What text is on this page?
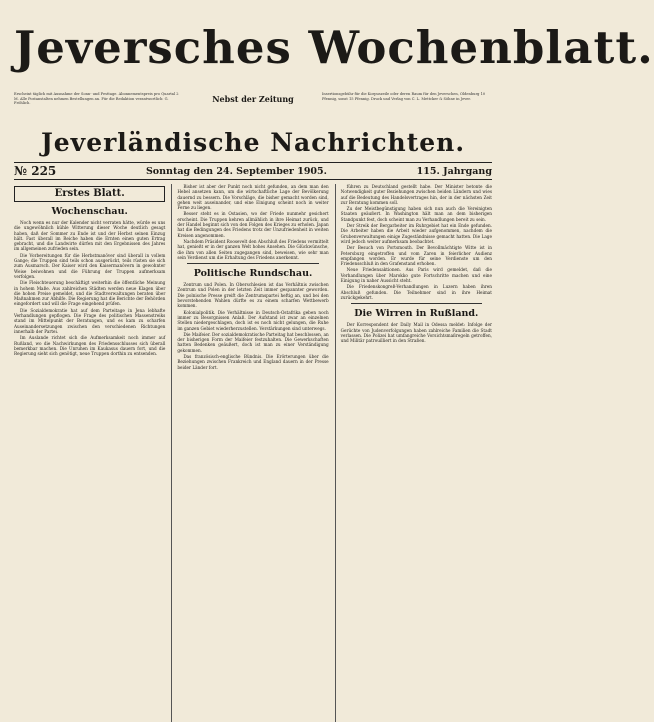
Jeversches Wochenblatt.
Erscheint täglich mit Ausnahme der Sonn- und Festtage. Abonnementspreis pro Quartal 2 M. Alle Postanstalten nehmen Bestellungen an. Für die Redaktion verantwortlich: G. Fröhlich.	Nebst der Zeitung	Insertionsgebühr für die Korpuszeile oder deren Raum für den Jeverschen, Oldenburg 10 Pfennig, sonst 15 Pfennig. Druck und Verlag von C. L. Mettcker & Söhne in Jever.
Jeverländische Nachrichten.
№ 225	Sonntag den 24. September 1905.	115. Jahrgang
Erstes Blatt.
Wochenschau.

Noch wenn es nur der Kalender nicht verraten hätte, würde es uns die ungewöhnlich kühle Witterung dieser Woche deutlich gesagt haben, daß der Sommer zu Ende ist und der Herbst seinen Einzug hält. Fast überall im Reiche haben die Ernten einen guten Ertrag gebracht, und die Landwirte dürfen mit den Ergebnissen des Jahres im allgemeinen zufrieden sein.

Die Vorbereitungen für die Herbstmanöver sind überall in vollem Gange; die Truppen sind teils schon ausgerückt, teils rüsten sie sich zum Ausmarsch. Der Kaiser wird den Kaisermanövern in gewohnter Weise beiwohnen und die Führung der Truppen aufmerksam verfolgen.

Die Fleischteuerung beschäftigt weiterhin die öffentliche Meinung in hohem Maße. Aus zahlreichen Städten werden neue Klagen über die hohen Preise gemeldet, und die Stadtverwaltungen beraten über Maßnahmen zur Abhilfe. Die Regierung hat die Berichte der Behörden eingefordert und will die Frage eingehend prüfen.

Die Sozialdemokratie hat auf dem Parteitage in Jena lebhafte Verhandlungen gepflogen. Die Frage des politischen Massenstreiks stand im Mittelpunkt der Beratungen, und es kam zu scharfen Auseinandersetzungen zwischen den verschiedenen Richtungen innerhalb der Partei.

Im Auslande richtet sich die Aufmerksamkeit noch immer auf Rußland, wo die Nachwirkungen des Friedensschlusses sich überall bemerkbar machen. Die Unruhen im Kaukasus dauern fort, und die Regierung sieht sich genötigt, neue Truppen dorthin zu entsenden.

Bisher ist aber der Punkt noch nicht gefunden, an dem man den Hebel ansetzen kann, um die wirtschaftliche Lage der Bevölkerung dauernd zu bessern. Die Vorschläge, die bisher gemacht worden sind, gehen weit auseinander, und eine Einigung scheint noch in weiter Ferne zu liegen.

Besser steht es in Ostasien, wo der Friede nunmehr gesichert erscheint. Die Truppen kehren allmählich in ihre Heimat zurück, und der Handel beginnt sich von den Folgen des Krieges zu erholen. Japan hat die Bedingungen des Friedens trotz der Unzufriedenheit in weiten Kreisen angenommen.

Nachdem Präsident Roosevelt den Abschluß des Friedens vermittelt hat, genießt er in der ganzen Welt hohes Ansehen. Die Glückwünsche, die ihm von allen Seiten zugegangen sind, beweisen, wie sehr man sein Verdienst um die Erhaltung des Friedens anerkennt.

Politische Rundschau.

Zentrum und Polen. In Oberschlesien ist das Verhältnis zwischen Zentrum und Polen in der letzten Zeit immer gespannter geworden. Die polnische Presse greift die Zentrumspartei heftig an, und bei den bevorstehenden Wahlen dürfte es zu einem scharfen Wettbewerb kommen.

Kolonialpolitik. Die Verhältnisse in Deutsch-Ostafrika geben noch immer zu Besorgnissen Anlaß. Der Aufstand ist zwar an einzelnen Stellen niedergeschlagen, doch ist es noch nicht gelungen, die Ruhe im ganzen Gebiet wiederherzustellen. Verstärkungen sind unterwegs.

Die Maifeier. Der sozialdemokratische Parteitag hat beschlossen, an der bisherigen Form der Maifeier festzuhalten. Die Gewerkschaften hatten Bedenken geäußert, doch ist man zu einer Verständigung gekommen.

Das französisch-englische Bündnis. Die Erörterungen über die Beziehungen zwischen Frankreich und England dauern in der Presse beider Länder fort.

führen zu Deutschland gestellt habe. Der Minister betonte die Notwendigkeit guter Beziehungen zwischen beiden Ländern und wies auf die Bedeutung des Handelsvertrages hin, der in der nächsten Zeit zur Beratung kommen soll.

Zu der Meistbegünstigung haben sich nun auch die Vereinigten Staaten geäußert. In Washington hält man an dem bisherigen Standpunkt fest, doch scheint man zu Verhandlungen bereit zu sein.

Der Streik der Bergarbeiter im Ruhrgebiet hat ein Ende gefunden. Die Arbeiter haben die Arbeit wieder aufgenommen, nachdem die Grubenverwaltungen einige Zugeständnisse gemacht hatten. Die Lage wird jedoch weiter aufmerksam beobachtet.

Der Besuch von Portsmouth. Der Bevollmächtigte Witte ist in Petersburg eingetroffen und vom Zaren in feierlicher Audienz empfangen worden. Er wurde für seine Verdienste um den Friedensschluß in den Grafenstand erhoben.

Neue Friedensaktionen. Aus Paris wird gemeldet, daß die Verhandlungen über Marokko gute Fortschritte machen und eine Einigung in naher Aussicht steht.

Die Friedenskongreß-Verhandlungen in Luzern haben ihren Abschluß gefunden. Die Teilnehmer sind in ihre Heimat zurückgekehrt.

Die Wirren in Rußland.

Der Korrespondent der Daily Mail in Odessa meldet: Infolge der Gerüchte von Judenverfolgungen haben zahlreiche Familien die Stadt verlassen. Die Polizei hat umfangreiche Vorsichtsmaßregeln getroffen, und Militär patrouilliert in den Straßen.
